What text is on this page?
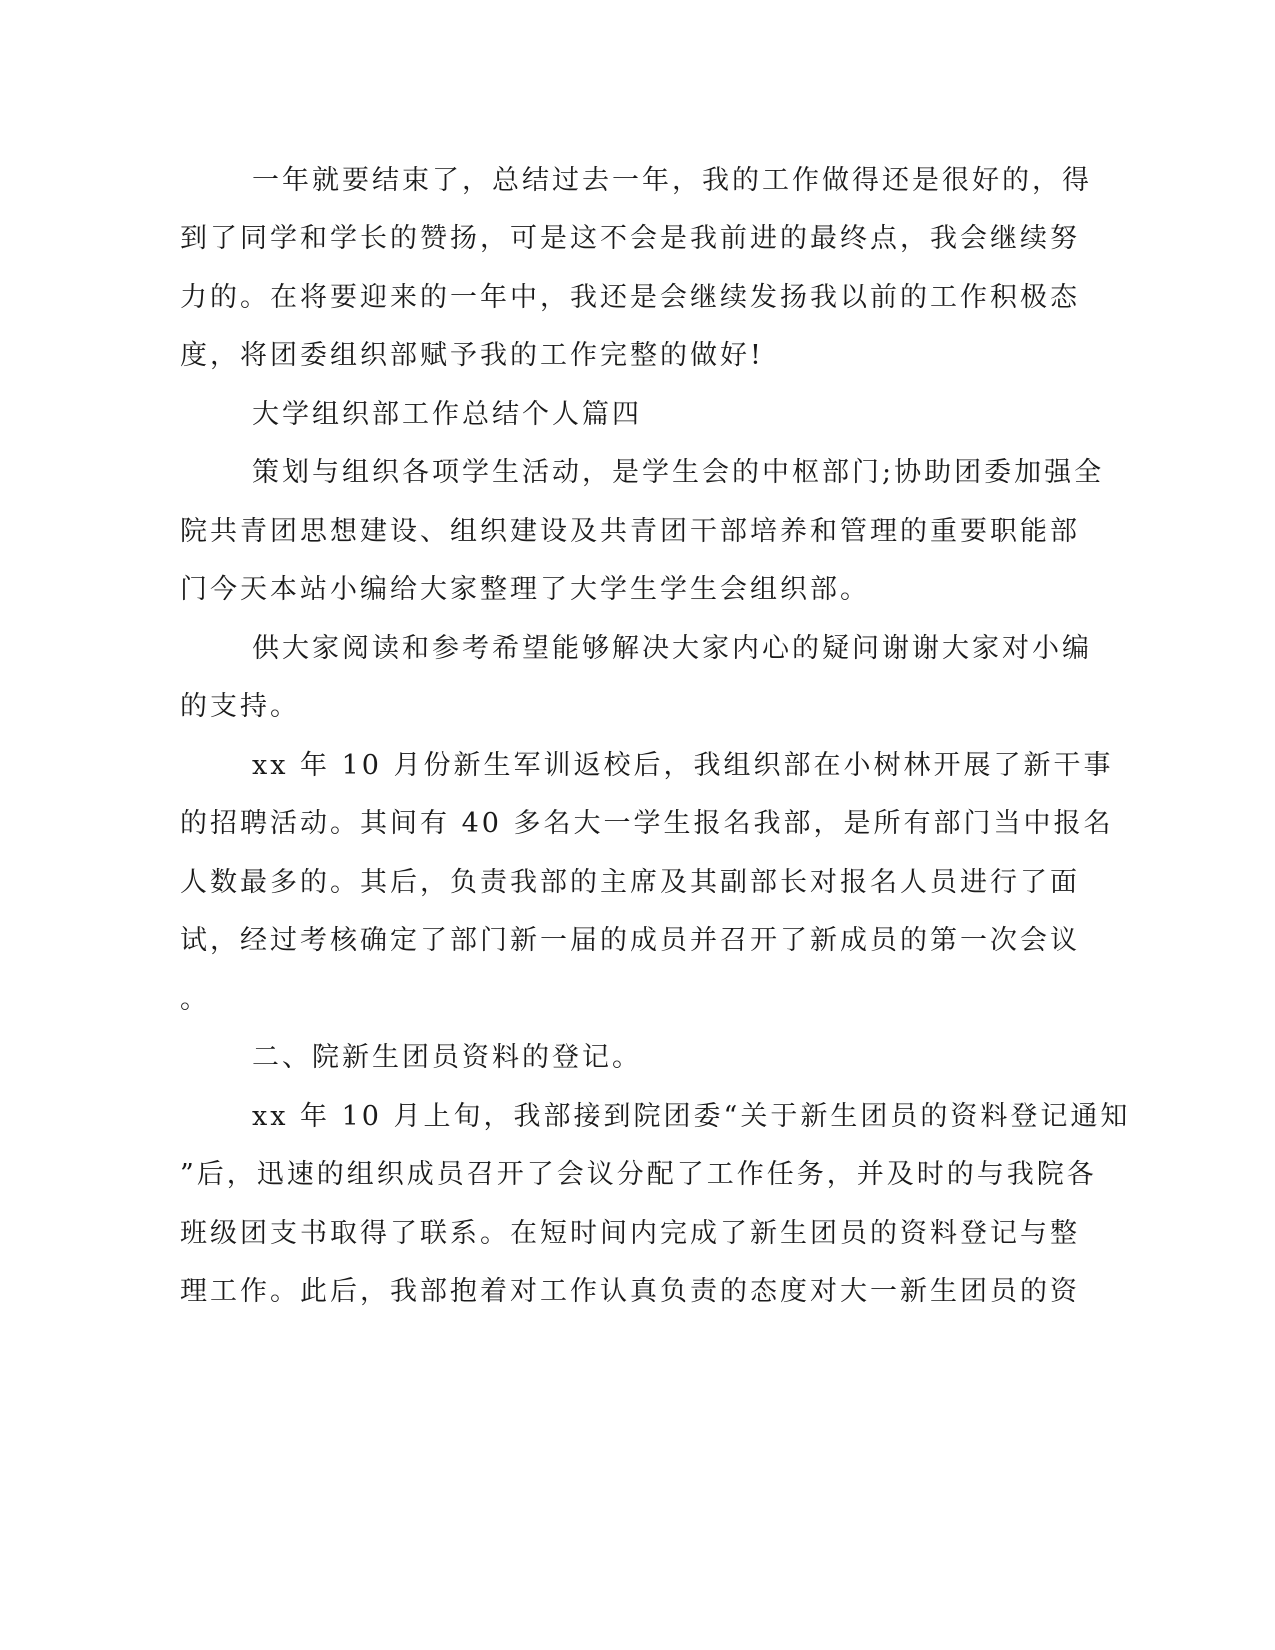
一年就要结束了，总结过去一年，我的工作做得还是很好的，得

到了同学和学长的赞扬，可是这不会是我前进的最终点，我会继续努

力的。在将要迎来的一年中，我还是会继续发扬我以前的工作积极态

度，将团委组织部赋予我的工作完整的做好!

大学组织部工作总结个人篇四

策划与组织各项学生活动，是学生会的中枢部门;协助团委加强全

院共青团思想建设、组织建设及共青团干部培养和管理的重要职能部

门今天本站小编给大家整理了大学生学生会组织部。

供大家阅读和参考希望能够解决大家内心的疑问谢谢大家对小编

的支持。

xx 年 10 月份新生军训返校后，我组织部在小树林开展了新干事

的招聘活动。其间有 40 多名大一学生报名我部，是所有部门当中报名

人数最多的。其后，负责我部的主席及其副部长对报名人员进行了面

试，经过考核确定了部门新一届的成员并召开了新成员的第一次会议

。

二、院新生团员资料的登记。

xx 年 10 月上旬，我部接到院团委“关于新生团员的资料登记通知

”后，迅速的组织成员召开了会议分配了工作任务，并及时的与我院各

班级团支书取得了联系。在短时间内完成了新生团员的资料登记与整

理工作。此后，我部抱着对工作认真负责的态度对大一新生团员的资
